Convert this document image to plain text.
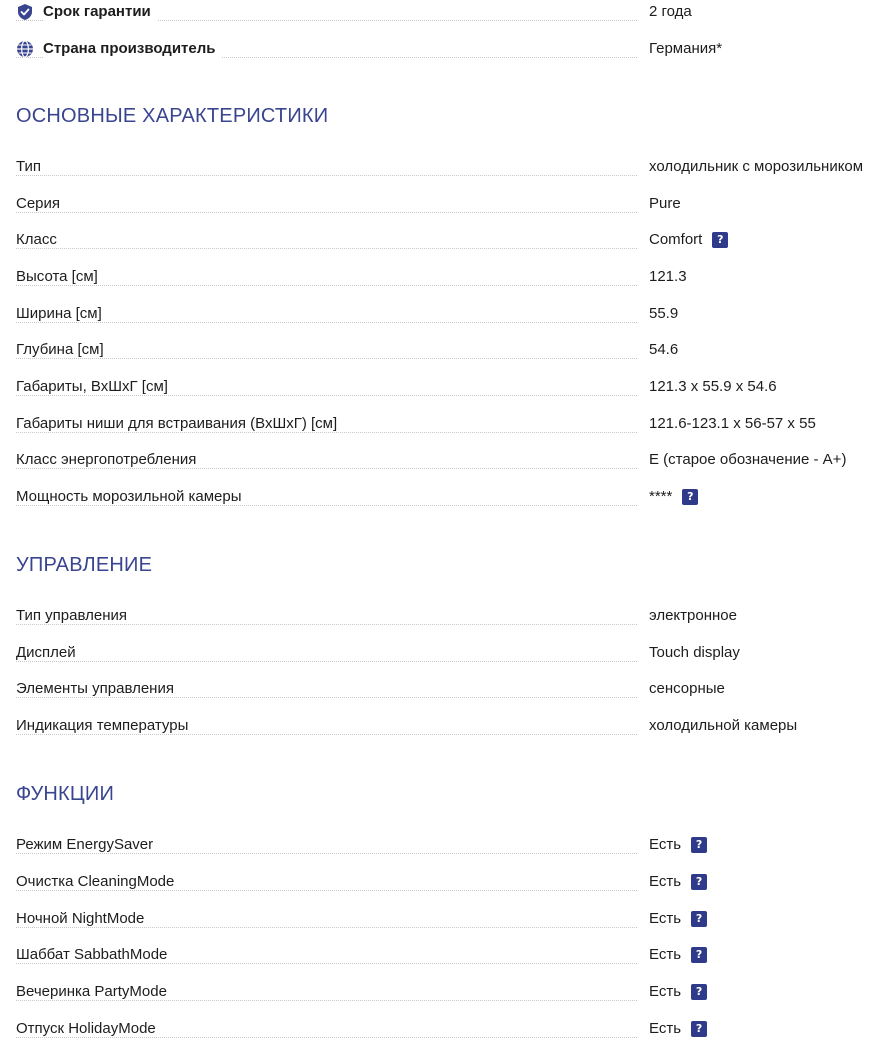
Срок гарантии	2 года
Страна производитель	Германия*
ОСНОВНЫЕ ХАРАКТЕРИСТИКИ
Тип	холодильник с морозильником
Серия	Pure
Класс	Comfort	?
Высота [см]	121.3
Ширина [см]	55.9
Глубина [см]	54.6
Габариты, ВхШхГ [см]	121.3 x 55.9 x 54.6
Габариты ниши для встраивания (ВхШхГ) [см]	121.6-123.1 x 56-57 x 55
Класс энергопотребления	E (старое обозначение - A+)
Мощность морозильной камеры	****	?
УПРАВЛЕНИЕ
Тип управления	электронное
Дисплей	Touch display
Элементы управления	сенсорные
Индикация температуры	холодильной камеры
ФУНКЦИИ
Режим EnergySaver	Есть	?
Очистка CleaningMode	Есть	?
Ночной NightMode	Есть	?
Шаббат SabbathMode	Есть	?
Вечеринка PartyMode	Есть	?
Отпуск HolidayMode	Есть	?
